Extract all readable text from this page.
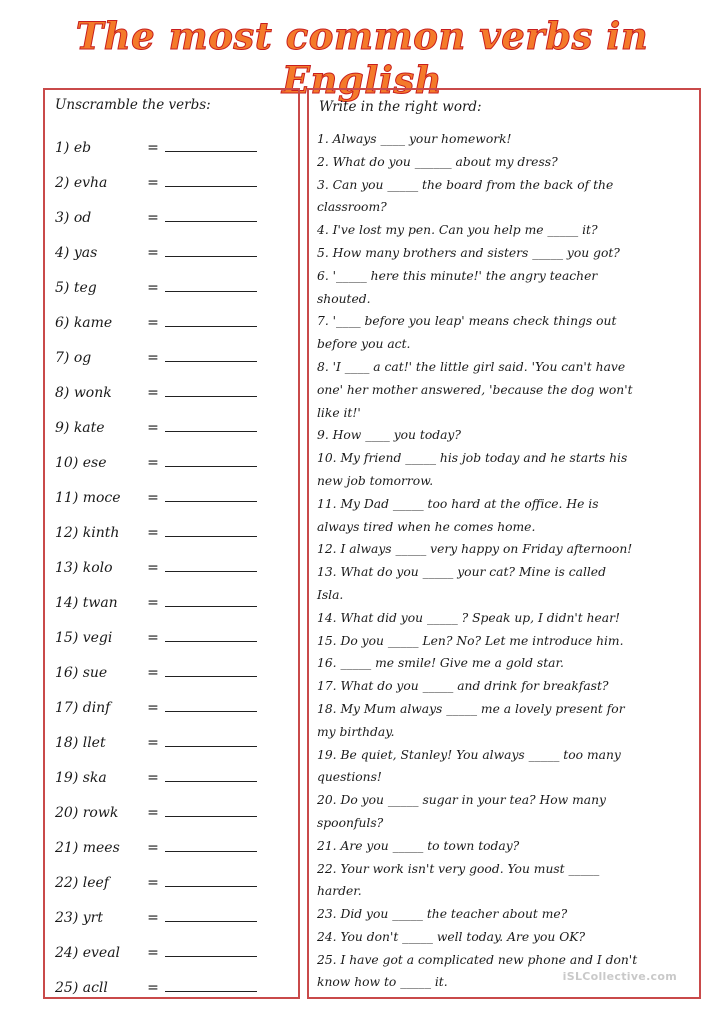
The most common verbs in English
Unscramble the verbs:
1) eb	=
2) evha	=
3) od	=
4) yas	=
5) teg	=
6) kame	=
7) og	=
8) wonk	=
9) kate	=
10) ese	=
11) moce	=
12) kinth	=
13) kolo	=
14) twan	=
15) vegi	=
16) sue	=
17) dinf	=
18) llet	=
19) ska	=
20) rowk	=
21) mees	=
22) leef	=
23) yrt	=
24) eveal	=
25) acll	=
Write in the right word:

1. Always ____ your homework!

2. What do you ______ about my dress?

3. Can you _____ the board from the back of the

classroom?

4. I've lost my pen. Can you help me _____ it?

5. How many brothers and sisters _____ you got?

6. '_____ here this minute!' the angry teacher

shouted.

7. '____ before you leap' means check things out

before you act.

8. 'I ____ a cat!' the little girl said. 'You can't have

one' her mother answered, 'because the dog won't

like it!'

9. How ____ you today?

10. My friend _____ his job today and he starts his

new job tomorrow.

11. My Dad _____ too hard at the office. He is

always tired when he comes home.

12. I always _____ very happy on Friday afternoon!

13. What do you _____ your cat? Mine is called

Isla.

14. What did you _____ ? Speak up, I didn't hear!

15. Do you _____ Len? No? Let me introduce him.

16. _____ me smile! Give me a gold star.

17. What do you _____ and drink for breakfast?

18. My Mum always _____ me a lovely present for

my birthday.

19. Be quiet, Stanley! You always _____ too many

questions!

20. Do you _____ sugar in your tea? How many

spoonfuls?

21. Are you _____ to town today?

22. Your work isn't very good. You must _____

harder.

23. Did you _____ the teacher about me?

24. You don't _____ well today. Are you OK?

25. I have got a complicated new phone and I don't

know how to _____ it.	iSLCollective.com
